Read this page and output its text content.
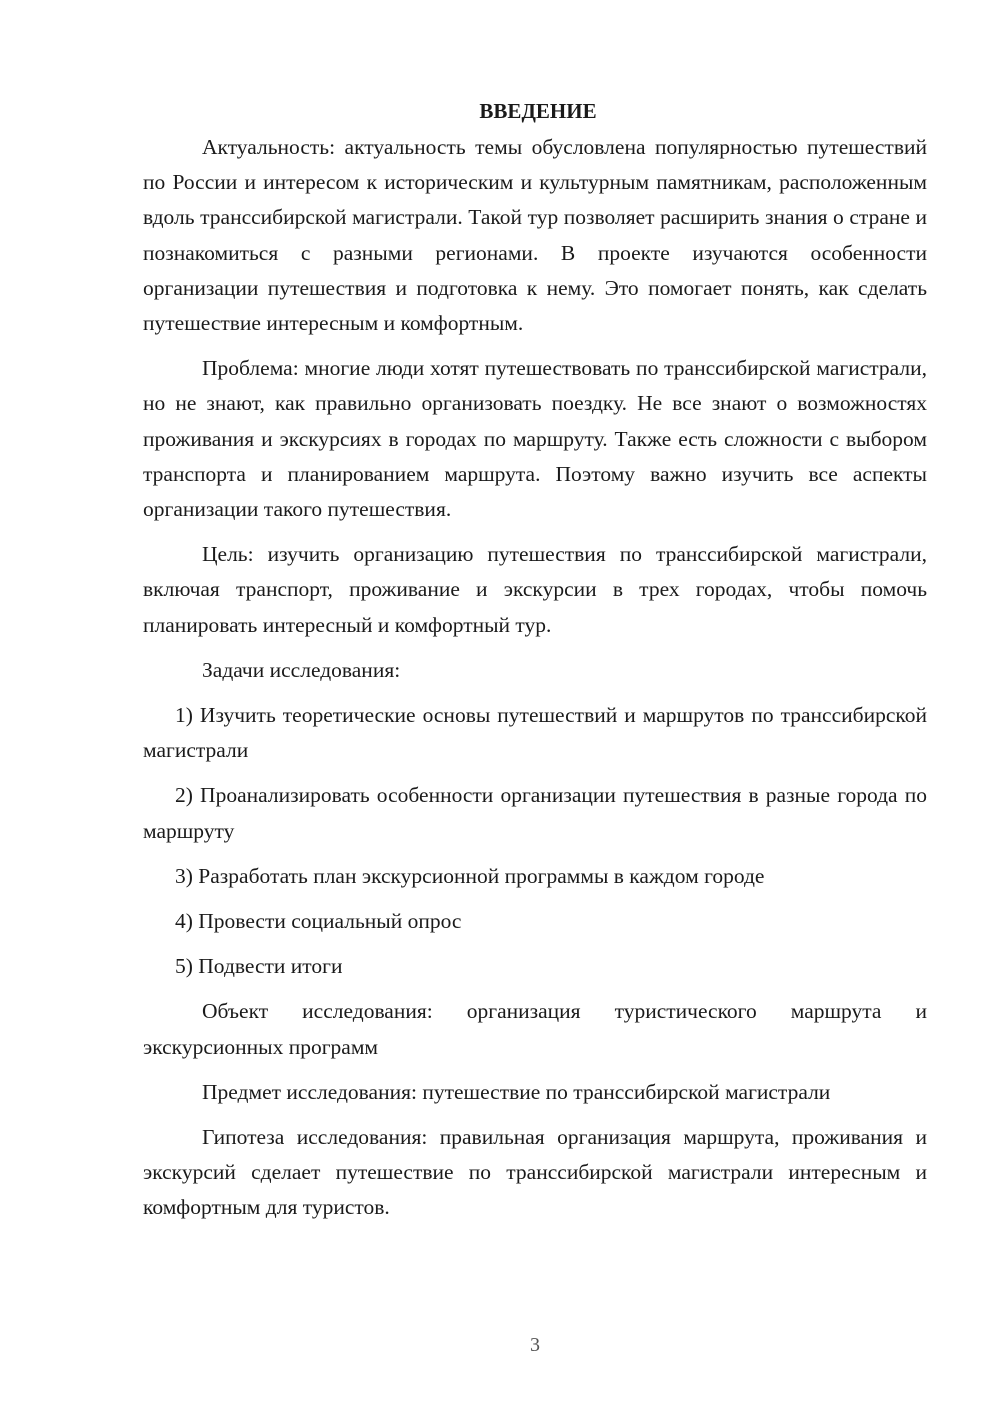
ВВЕДЕНИЕ

Актуальность: актуальность темы обусловлена популярностью путешествий по России и интересом к историческим и культурным памятникам, расположенным вдоль транссибирской магистрали. Такой тур позволяет расширить знания о стране и познакомиться с разными регионами. В проекте изучаются особенности организации путешествия и подготовка к нему. Это помогает понять, как сделать путешествие интересным и комфортным.

Проблема: многие люди хотят путешествовать по транссибирской магистрали, но не знают, как правильно организовать поездку. Не все знают о возможностях проживания и экскурсиях в городах по маршруту. Также есть сложности с выбором транспорта и планированием маршрута. Поэтому важно изучить все аспекты организации такого путешествия.

Цель: изучить организацию путешествия по транссибирской магистрали, включая транспорт, проживание и экскурсии в трех городах, чтобы помочь планировать интересный и комфортный тур.

Задачи исследования:

1) Изучить теоретические основы путешествий и маршрутов по транссибирской магистрали

2) Проанализировать особенности организации путешествия в разные города по маршруту

3) Разработать план экскурсионной программы в каждом городе

4) Провести социальный опрос

5) Подвести итоги

Объект исследования: организация туристического маршрута и экскурсионных программ

Предмет исследования: путешествие по транссибирской магистрали

Гипотеза исследования: правильная организация маршрута, проживания и экскурсий сделает путешествие по транссибирской магистрали интересным и комфортным для туристов.

3
